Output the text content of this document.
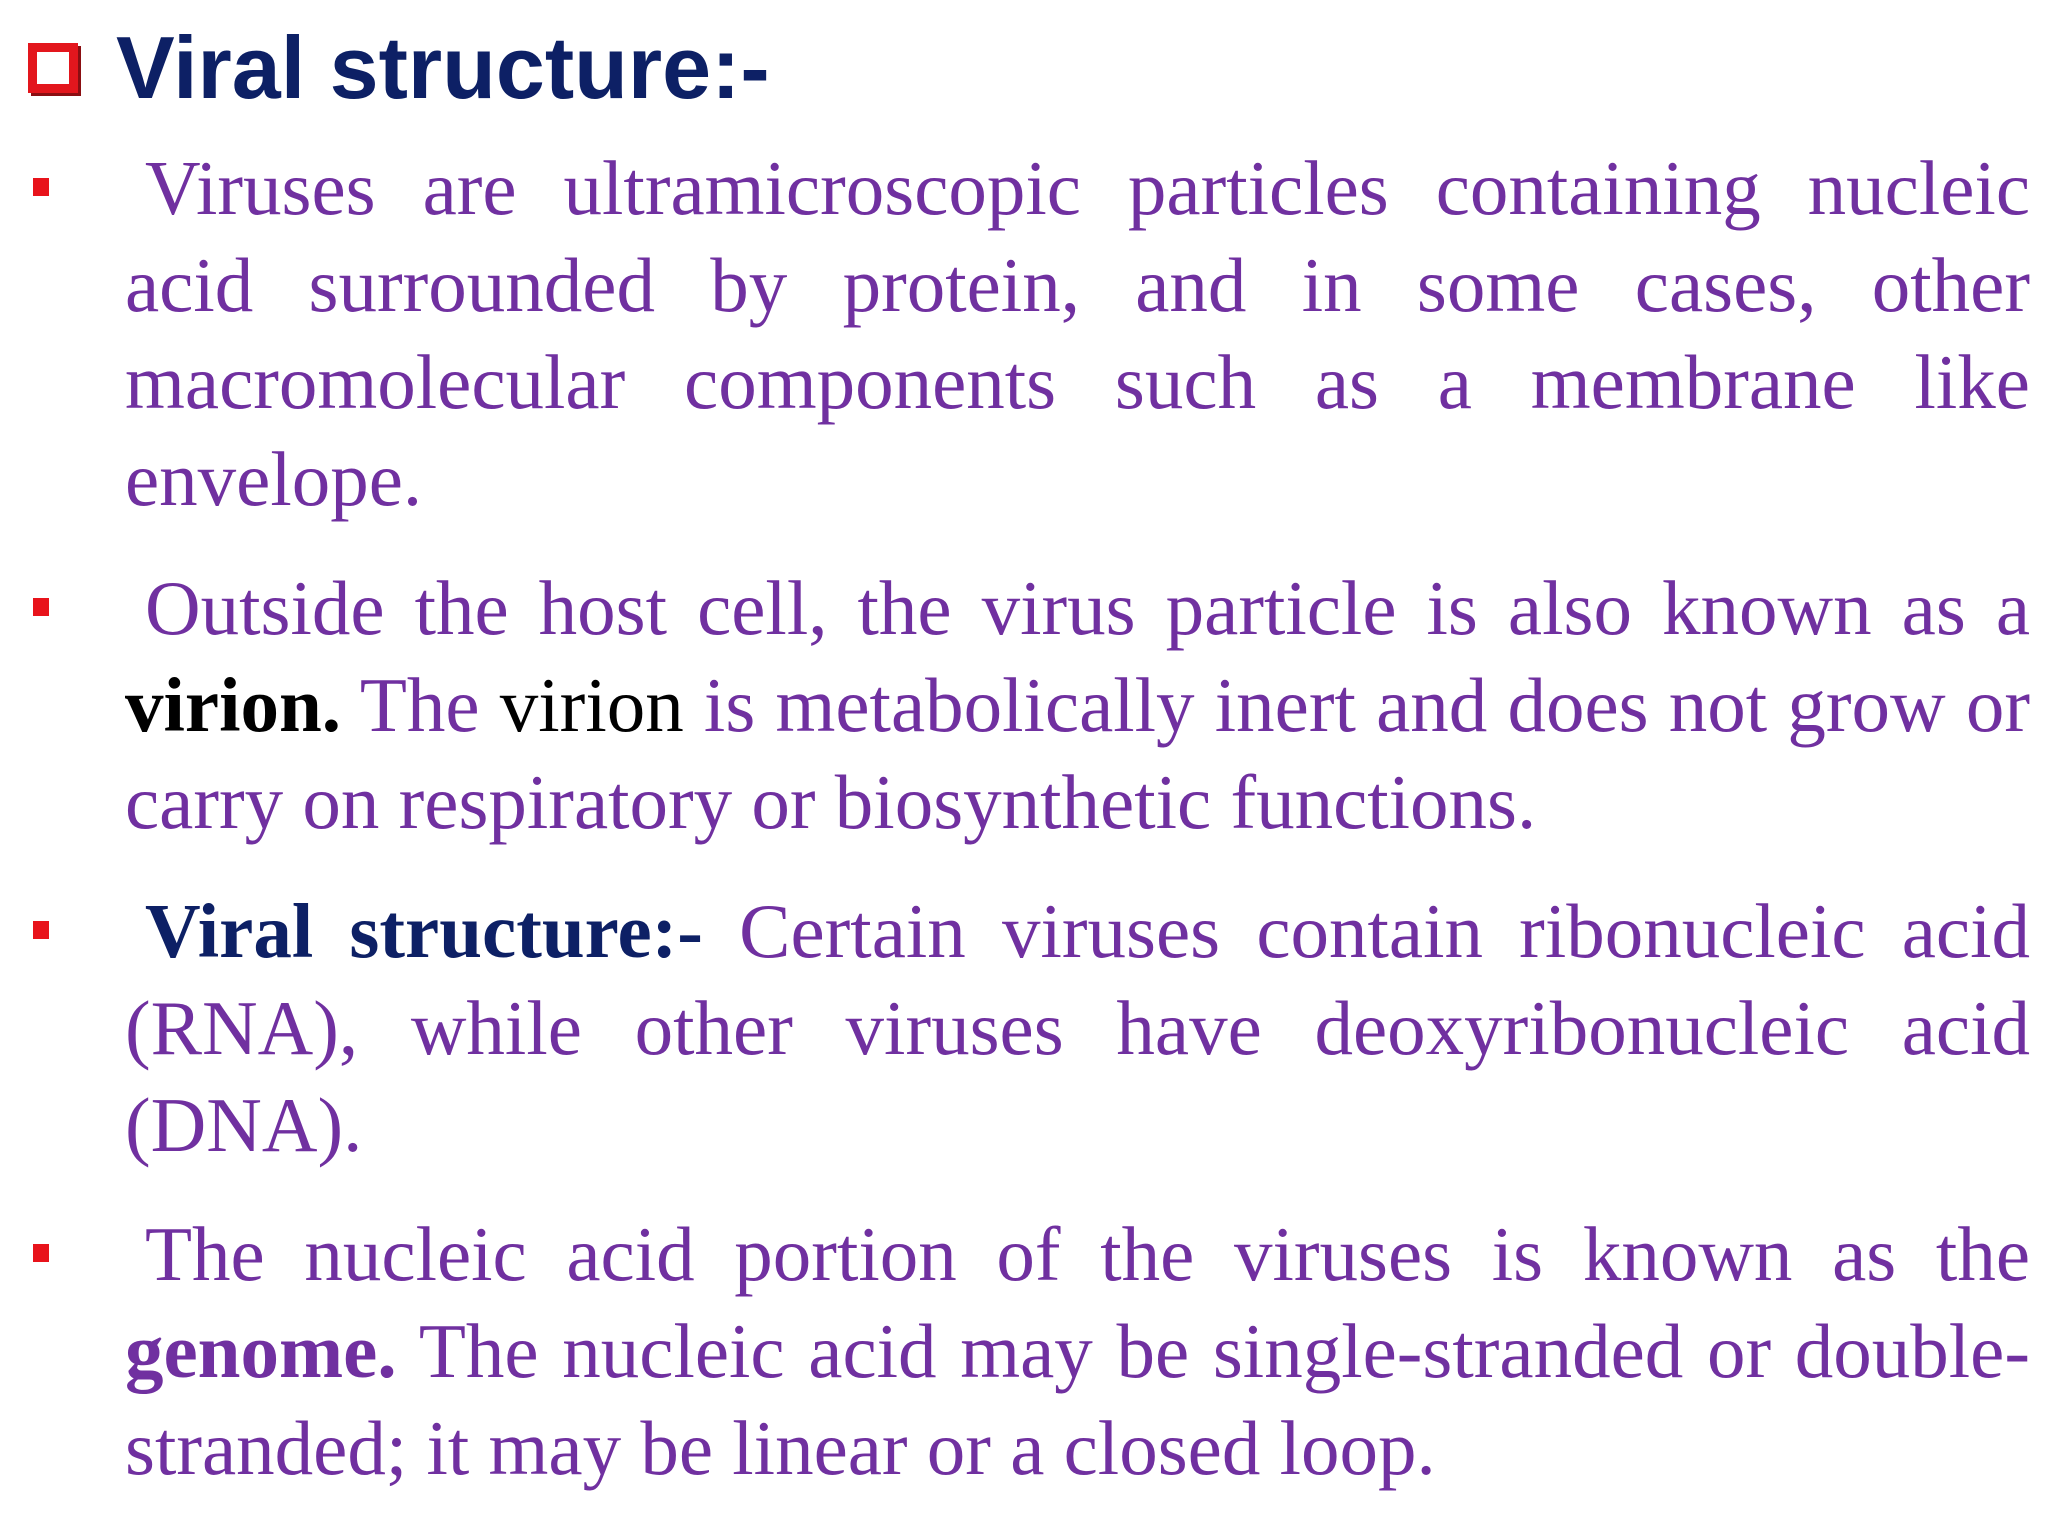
Viral structure:-
Viruses are ultramicroscopic particles containing nucleic acid surrounded by protein, and in some cases, other macromolecular components such as a membrane like envelope.
Outside the host cell, the virus particle is also known as a virion. The virion is metabolically inert and does not grow or carry on respiratory or biosynthetic functions.
Viral structure:- Certain viruses contain ribonucleic acid (RNA), while other viruses have deoxyribonucleic acid (DNA).
The nucleic acid portion of the viruses is known as the genome. The nucleic acid may be single-stranded or double-stranded; it may be linear or a closed loop.
